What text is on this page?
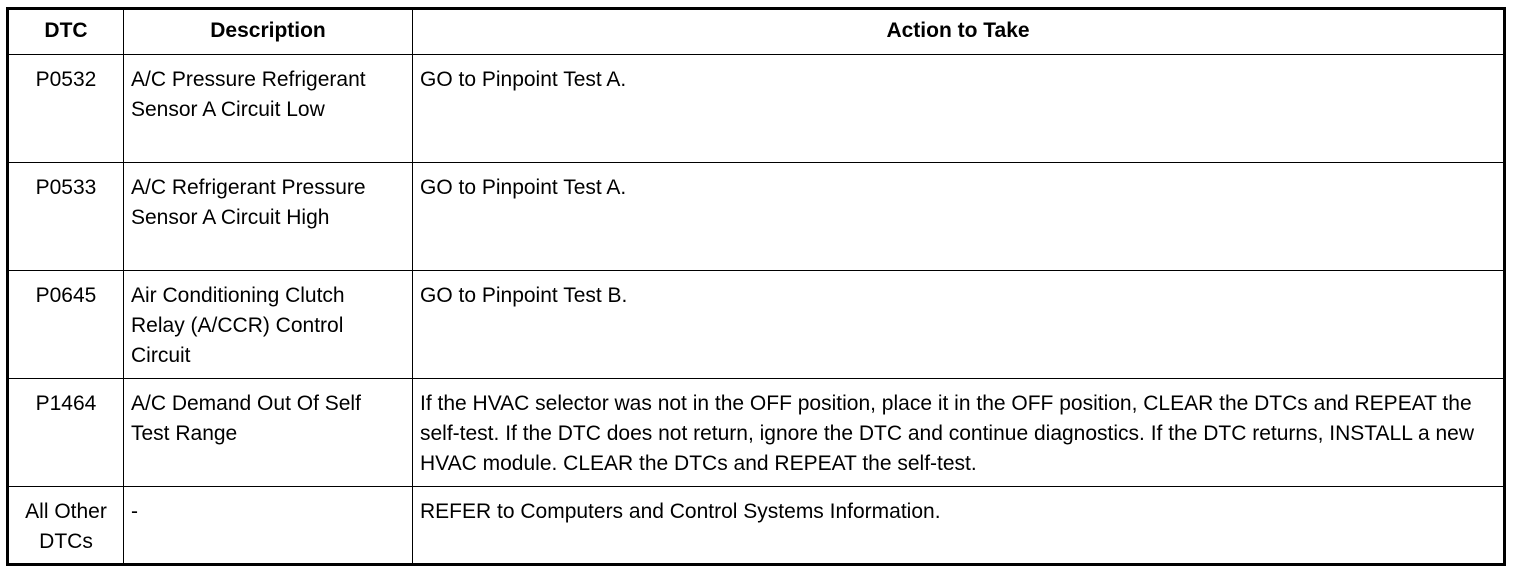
DTC	Description	Action to Take
P0532	A/C Pressure Refrigerant Sensor A Circuit Low	GO to Pinpoint Test A.
P0533	A/C Refrigerant Pressure Sensor A Circuit High	GO to Pinpoint Test A.
P0645	Air Conditioning Clutch Relay (A/CCR) Control Circuit	GO to Pinpoint Test B.
P1464	A/C Demand Out Of Self Test Range	If the HVAC selector was not in the OFF position, place it in the OFF position, CLEAR the DTCs and REPEAT the self-test. If the DTC does not return, ignore the DTC and continue diagnostics. If the DTC returns, INSTALL a new HVAC module. CLEAR the DTCs and REPEAT the self-test.
All Other DTCs	-	REFER to Computers and Control Systems Information.
